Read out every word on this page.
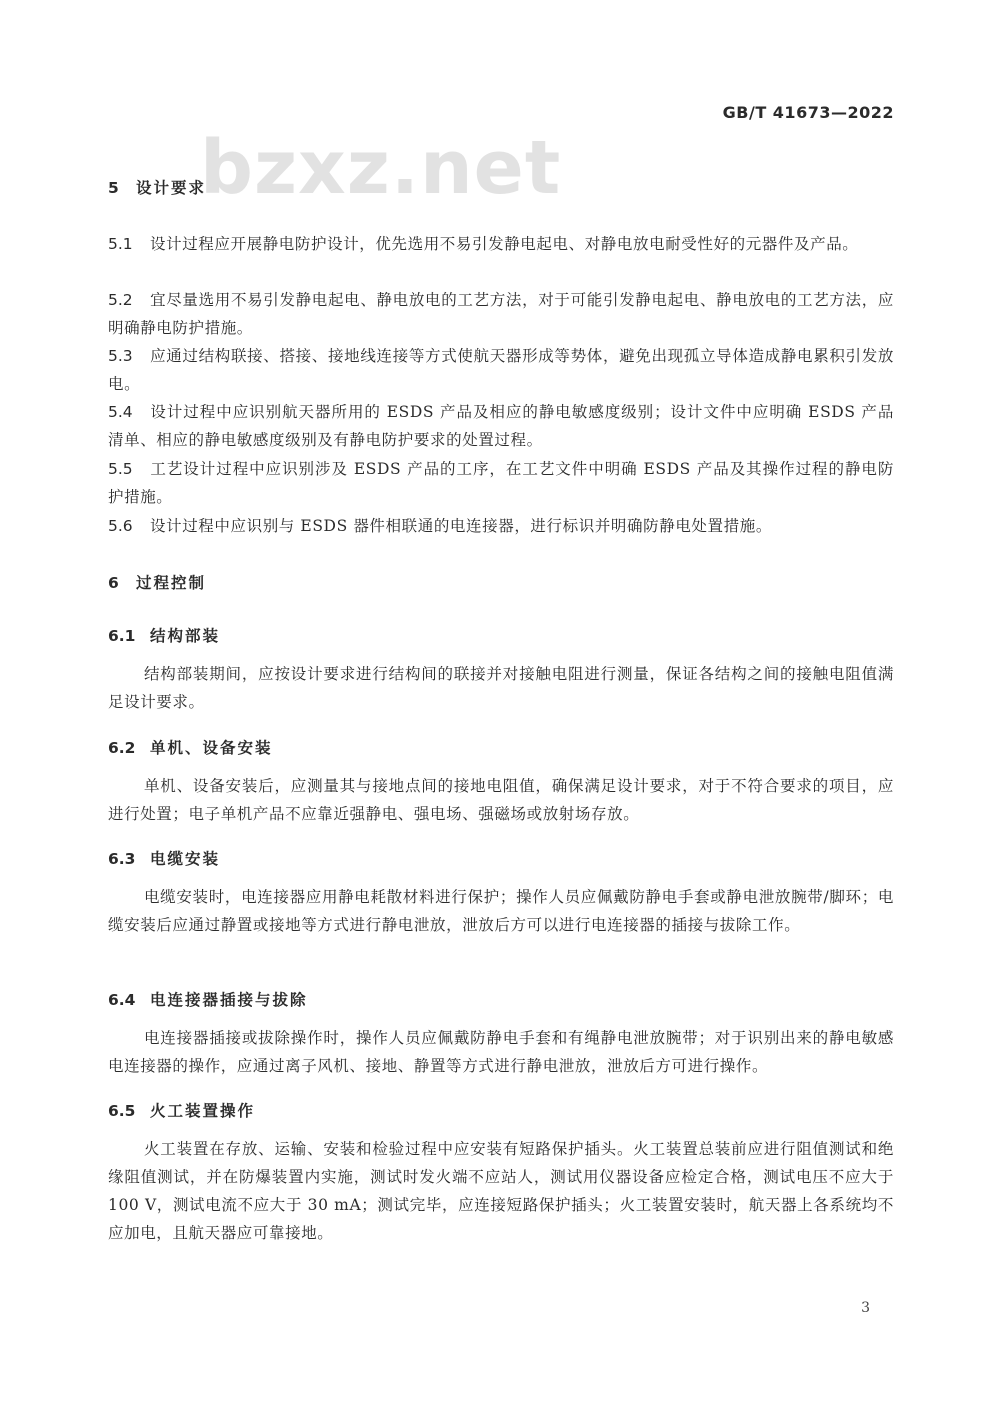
GB/T 41673—2022
bzxz.net
5 设计要求
5.1 设计过程应开展静电防护设计，优先选用不易引发静电起电、对静电放电耐受性好的元器件及产品。
5.2 宜尽量选用不易引发静电起电、静电放电的工艺方法，对于可能引发静电起电、静电放电的工艺方法，应明确静电防护措施。
5.3 应通过结构联接、搭接、接地线连接等方式使航天器形成等势体，避免出现孤立导体造成静电累积引发放电。
5.4 设计过程中应识别航天器所用的 ESDS 产品及相应的静电敏感度级别；设计文件中应明确 ESDS 产品清单、相应的静电敏感度级别及有静电防护要求的处置过程。
5.5 工艺设计过程中应识别涉及 ESDS 产品的工序，在工艺文件中明确 ESDS 产品及其操作过程的静电防护措施。
5.6 设计过程中应识别与 ESDS 器件相联通的电连接器，进行标识并明确防静电处置措施。
6 过程控制
6.1 结构部装
结构部装期间，应按设计要求进行结构间的联接并对接触电阻进行测量，保证各结构之间的接触电阻值满足设计要求。
6.2 单机、设备安装
单机、设备安装后，应测量其与接地点间的接地电阻值，确保满足设计要求，对于不符合要求的项目，应进行处置；电子单机产品不应靠近强静电、强电场、强磁场或放射场存放。
6.3 电缆安装
电缆安装时，电连接器应用静电耗散材料进行保护；操作人员应佩戴防静电手套或静电泄放腕带/脚环；电缆安装后应通过静置或接地等方式进行静电泄放，泄放后方可以进行电连接器的插接与拔除工作。
6.4 电连接器插接与拔除
电连接器插接或拔除操作时，操作人员应佩戴防静电手套和有绳静电泄放腕带；对于识别出来的静电敏感电连接器的操作，应通过离子风机、接地、静置等方式进行静电泄放，泄放后方可进行操作。
6.5 火工装置操作
火工装置在存放、运输、安装和检验过程中应安装有短路保护插头。火工装置总装前应进行阻值测试和绝缘阻值测试，并在防爆装置内实施，测试时发火端不应站人，测试用仪器设备应检定合格，测试电压不应大于 100 V，测试电流不应大于 30 mA；测试完毕，应连接短路保护插头；火工装置安装时，航天器上各系统均不应加电，且航天器应可靠接地。
3
